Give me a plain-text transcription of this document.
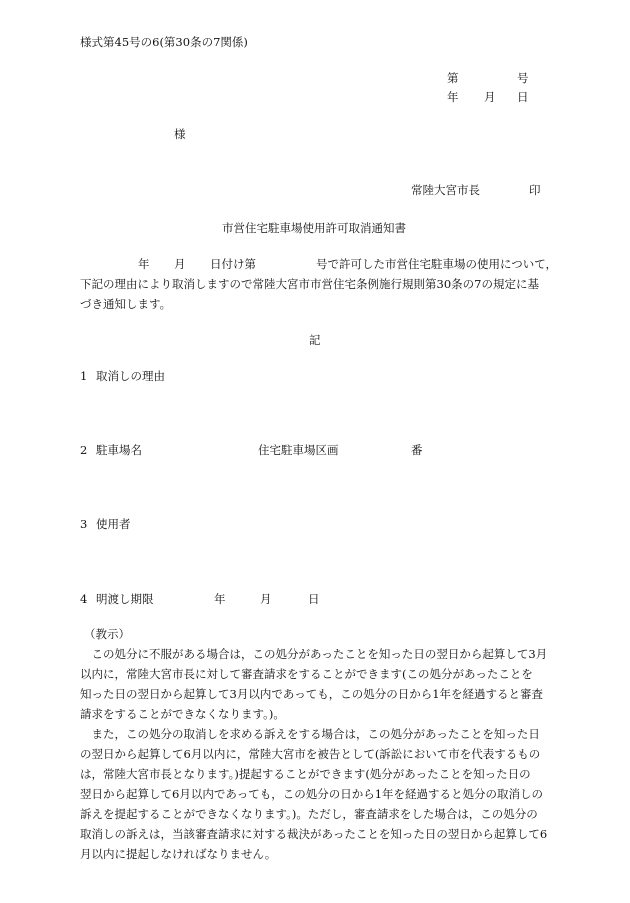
様式第45号の6(第30条の7関係)
第	号
年 月 日
様
常陸大宮市長	印
市営住宅駐車場使用許可取消通知書
年 月 日付け第	号で許可した市営住宅駐車場の使用について，
下記の理由により取消しますので常陸大宮市市営住宅条例施行規則第30条の7の規定に基
づき通知します。
記
1 取消しの理由
2 駐車場名	住宅駐車場区画	番
3 使用者
4 明渡し期限	年	月	日
（教示）
この処分に不服がある場合は，この処分があったことを知った日の翌日から起算して3月
以内に，常陸大宮市長に対して審査請求をすることができます(この処分があったことを
知った日の翌日から起算して3月以内であっても，この処分の日から1年を経過すると審査
請求をすることができなくなります。)。
また，この処分の取消しを求める訴えをする場合は，この処分があったことを知った日
の翌日から起算して6月以内に，常陸大宮市を被告として(訴訟において市を代表するもの
は，常陸大宮市長となります。)提起することができます(処分があったことを知った日の
翌日から起算して6月以内であっても，この処分の日から1年を経過すると処分の取消しの
訴えを提起することができなくなります。)。ただし，審査請求をした場合は，この処分の
取消しの訴えは，当該審査請求に対する裁決があったことを知った日の翌日から起算して6
月以内に提起しなければなりません。
